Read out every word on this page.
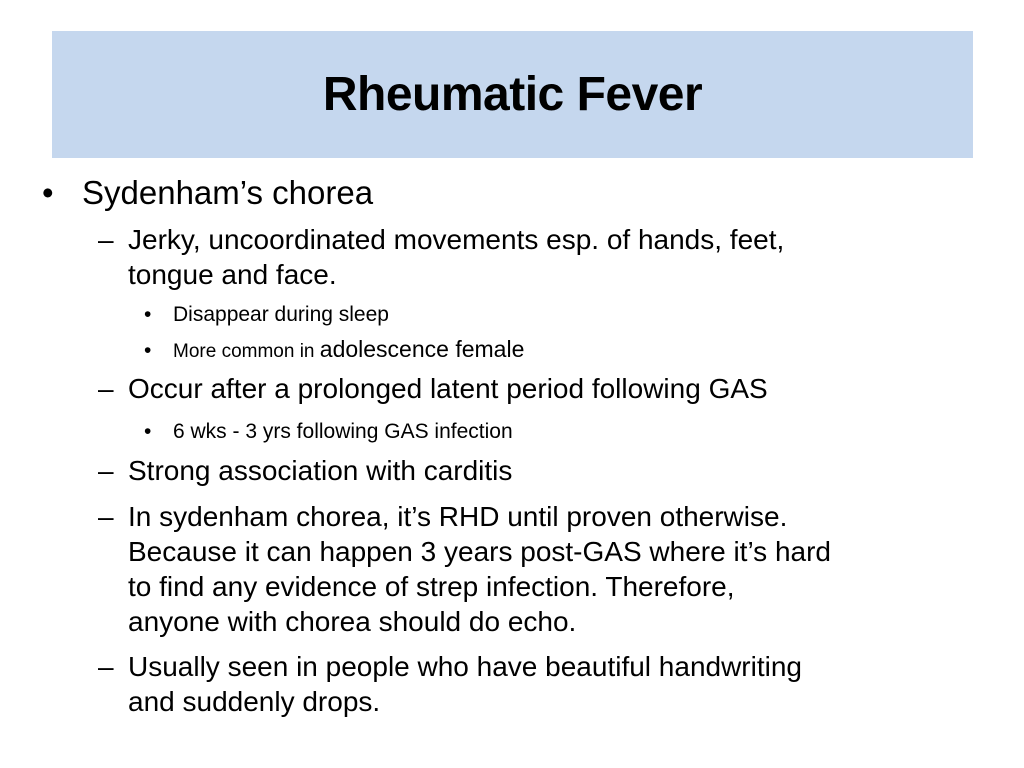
Rheumatic Fever
• Sydenham’s chorea
– Jerky, uncoordinated movements esp. of hands, feet,
tongue and face.
• Disappear during sleep
• More common in adolescence female
– Occur after a prolonged latent period following GAS
• 6 wks - 3 yrs following GAS infection
– Strong association with carditis
– In sydenham chorea, it’s RHD until proven otherwise.
Because it can happen 3 years post-GAS where it’s hard
to find any evidence of strep infection. Therefore,
anyone with chorea should do echo.
– Usually seen in people who have beautiful handwriting
and suddenly drops.
